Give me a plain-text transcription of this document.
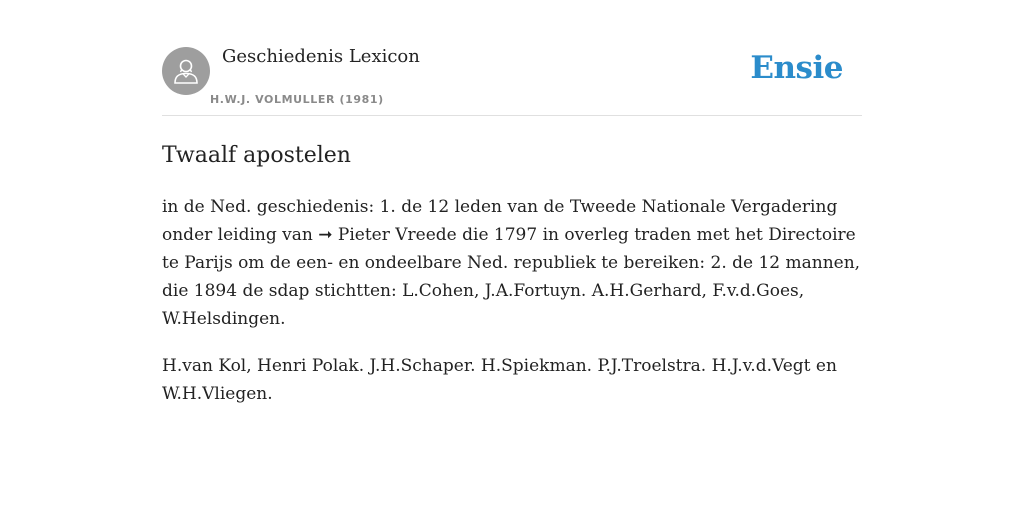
Geschiedenis Lexicon
H.W.J. VOLMULLER (1981)
Ensie
Twaalf apostelen

in de Ned. geschiedenis: 1. de 12 leden van de Tweede Nationale Vergadering onder leiding van ➞ Pieter Vreede die 1797 in overleg traden met het Directoire te Parijs om de een- en ondeelbare Ned. republiek te bereiken: 2. de 12 mannen, die 1894 de sdap stichtten: L.Cohen, J.A.Fortuyn. A.H.Gerhard, F.v.d.Goes, W.Helsdingen.

H.van Kol, Henri Polak. J.H.Schaper. H.Spiekman. P.J.Troelstra. H.J.v.d.Vegt en W.H.Vliegen.
